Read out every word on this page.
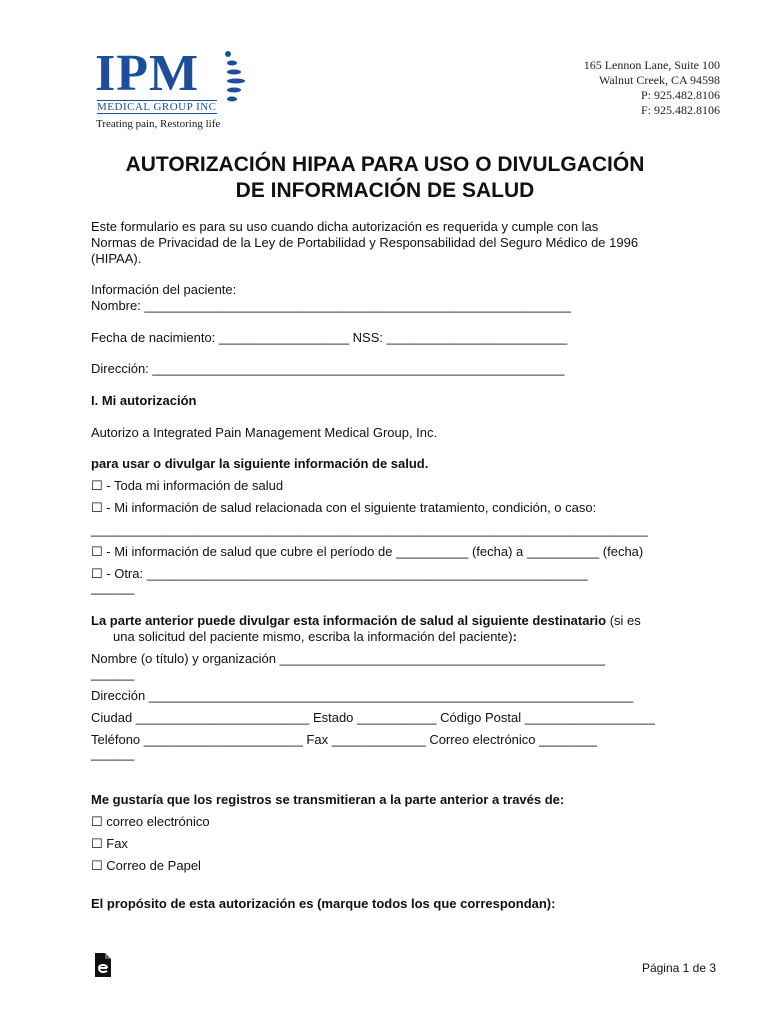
IPM
MEDICAL GROUP INC
Treating pain, Restoring life
165 Lennon Lane, Suite 100
Walnut Creek, CA 94598
P: 925.482.8106
F: 925.482.8106
AUTORIZACIÓN HIPAA PARA USO O DIVULGACIÓN
DE INFORMACIÓN DE SALUD
Este formulario es para su uso cuando dicha autorización es requerida y cumple con las
Normas de Privacidad de la Ley de Portabilidad y Responsabilidad del Seguro Médico de 1996
(HIPAA).
Información del paciente:
Nombre: ___________________________________________________________
Fecha de nacimiento: __________________ NSS: _________________________
Dirección: _________________________________________________________
I. Mi autorización
Autorizo a Integrated Pain Management Medical Group, Inc.
para usar o divulgar la siguiente información de salud.
☐ - Toda mi información de salud
☐ - Mi información de salud relacionada con el siguiente tratamiento, condición, o caso:
_____________________________________________________________________________
☐ - Mi información de salud que cubre el período de __________ (fecha) a __________ (fecha)
☐ - Otra: _____________________________________________________________
______
La parte anterior puede divulgar esta información de salud al siguiente destinatario (si es
una solicitud del paciente mismo, escriba la información del paciente):
Nombre (o título) y organización _____________________________________________
______
Dirección ___________________________________________________________________
Ciudad ________________________ Estado ___________ Código Postal __________________
Teléfono ______________________ Fax _____________ Correo electrónico ________
______
Me gustaría que los registros se transmitieran a la parte anterior a través de:
☐ correo electrónico
☐ Fax
☐ Correo de Papel
El propósito de esta autorización es (marque todos los que correspondan):
Página 1 de 3
